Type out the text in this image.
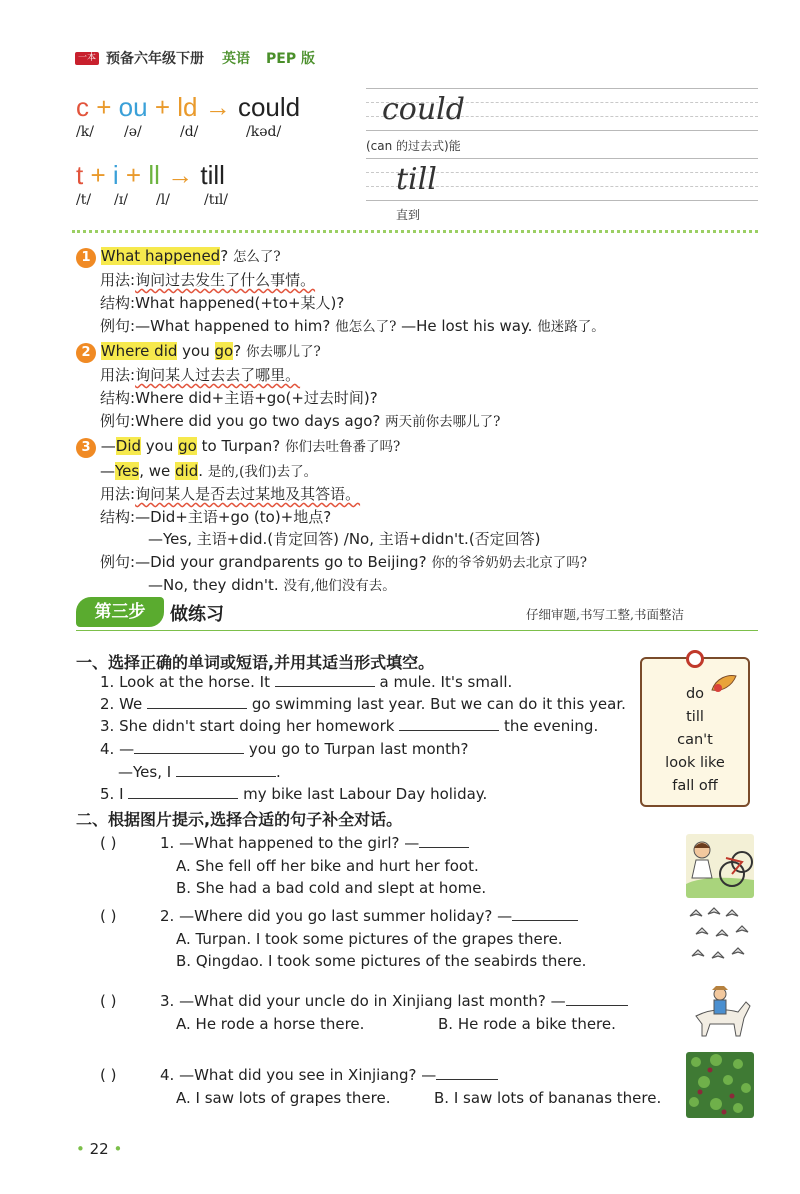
一本 预备六年级下册 英语 PEP 版
c + ou + ld → could
/k/ /ə/	/d/	/kəd/
could
(can 的过去式)能
t + i + ll → till
/t/ /ɪ/ /l/ /tɪl/
till
直到
1 What happened? 怎么了?
用法:询问过去发生了什么事情。
结构:What happened(+to+某人)?
例句:—What happened to him? 他怎么了? —He lost his way. 他迷路了。
2 Where did you go? 你去哪儿了?
用法:询问某人过去去了哪里。
结构:Where did+主语+go(+过去时间)?
例句:Where did you go two days ago? 两天前你去哪儿了?
3 —Did you go to Turpan? 你们去吐鲁番了吗?
—Yes, we did. 是的,(我们)去了。
用法:询问某人是否去过某地及其答语。
结构:—Did+主语+go (to)+地点?
—Yes, 主语+did.(肯定回答) /No, 主语+didn't.(否定回答)
例句:—Did your grandparents go to Beijing? 你的爷爷奶奶去北京了吗?
—No, they didn't. 没有,他们没有去。
第三步	做练习	仔细审题,书写工整,书面整洁
一、选择正确的单词或短语,并用其适当形式填空。
1. Look at the horse. It	a mule. It's small.
2. We	go swimming last year. But we can do it this year.
3. She didn't start doing her homework	the evening.
4. —	you go to Turpan last month?
—Yes, I	.
5. I	my bike last Labour Day holiday.
do
till
can't
look like
fall off
二、根据图片提示,选择合适的句子补全对话。
( )	1. —What happened to the girl? —
A. She fell off her bike and hurt her foot.
B. She had a bad cold and slept at home.
( )	2. —Where did you go last summer holiday? —
A. Turpan. I took some pictures of the grapes there.
B. Qingdao. I took some pictures of the seabirds there.
( )	3. —What did your uncle do in Xinjiang last month? —
A. He rode a horse there.	B. He rode a bike there.
( )	4. —What did you see in Xinjiang? —
A. I saw lots of grapes there.	B. I saw lots of bananas there.
• 22 •
